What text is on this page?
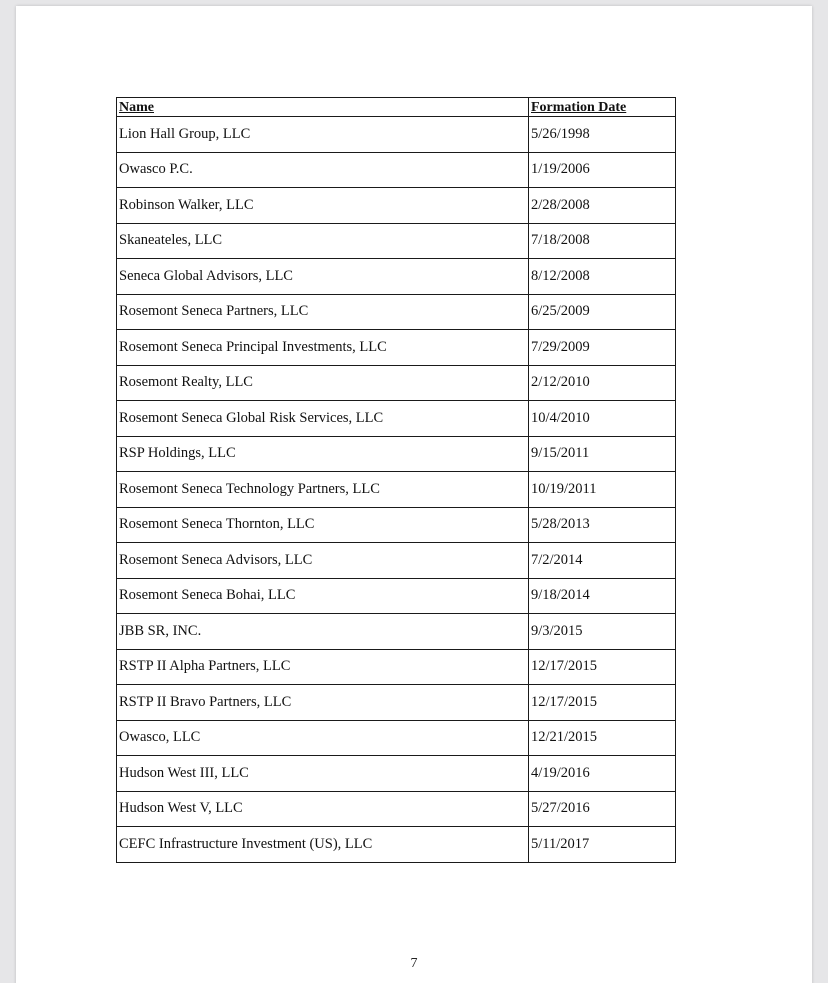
Name	Formation Date
Lion Hall Group, LLC	5/26/1998
Owasco P.C.	1/19/2006
Robinson Walker, LLC	2/28/2008
Skaneateles, LLC	7/18/2008
Seneca Global Advisors, LLC	8/12/2008
Rosemont Seneca Partners, LLC	6/25/2009
Rosemont Seneca Principal Investments, LLC	7/29/2009
Rosemont Realty, LLC	2/12/2010
Rosemont Seneca Global Risk Services, LLC	10/4/2010
RSP Holdings, LLC	9/15/2011
Rosemont Seneca Technology Partners, LLC	10/19/2011
Rosemont Seneca Thornton, LLC	5/28/2013
Rosemont Seneca Advisors, LLC	7/2/2014
Rosemont Seneca Bohai, LLC	9/18/2014
JBB SR, INC.	9/3/2015
RSTP II Alpha Partners, LLC	12/17/2015
RSTP II Bravo Partners, LLC	12/17/2015
Owasco, LLC	12/21/2015
Hudson West III, LLC	4/19/2016
Hudson West V, LLC	5/27/2016
CEFC Infrastructure Investment (US), LLC	5/11/2017
7
